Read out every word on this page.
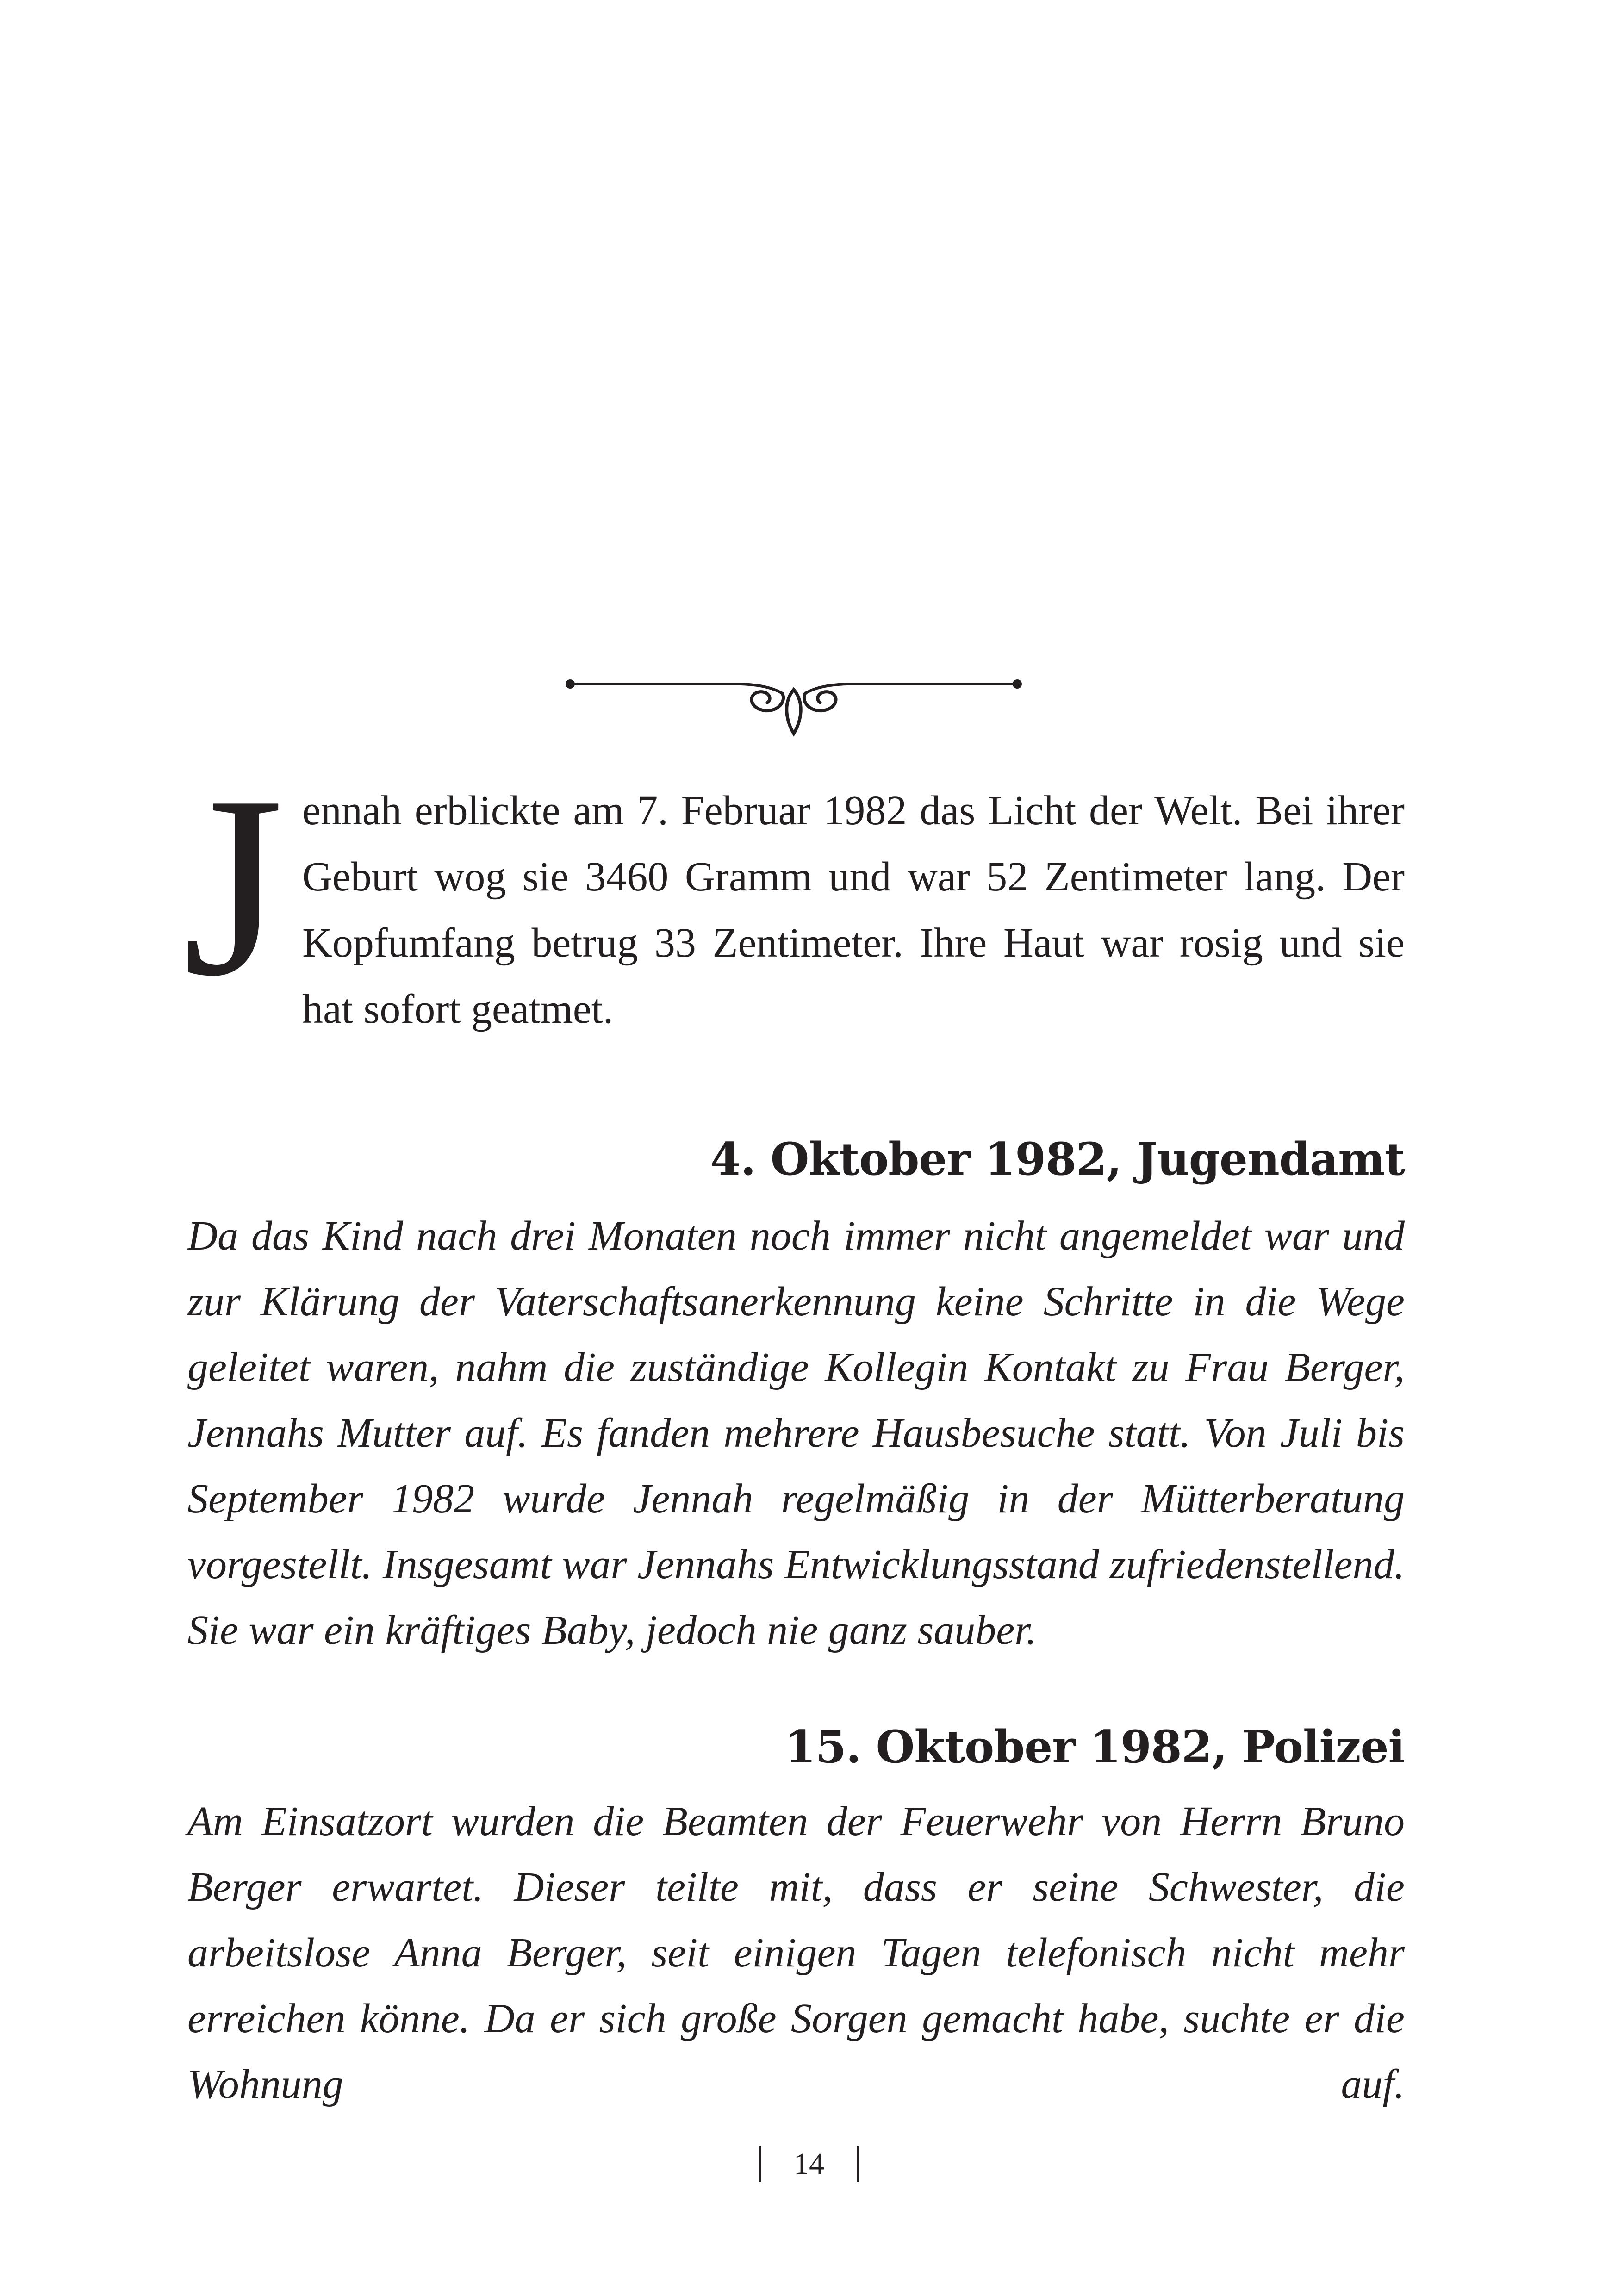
Jennah erblickte am 7. Februar 1982 das Licht der Welt. Bei ihrer Geburt wog sie 3460 Gramm und war 52 Zentimeter lang. Der Kopfumfang betrug 33 Zentimeter. Ihre Haut war rosig und sie hat sofort geatmet.
4. Oktober 1982, Jugendamt
Da das Kind nach drei Monaten noch immer nicht angemeldet war und zur Klärung der Vaterschaftsanerkennung keine Schritte in die Wege geleitet waren, nahm die zuständige Kollegin Kontakt zu Frau Berger, Jennahs Mutter auf. Es fanden mehrere Hausbesuche statt. Von Juli bis September 1982 wurde Jennah regelmäßig in der Mütterberatung vorgestellt. Insgesamt war Jennahs Entwicklungsstand zufriedenstellend. Sie war ein kräftiges Baby, jedoch nie ganz sauber.
15. Oktober 1982, Polizei
Am Einsatzort wurden die Beamten der Feuerwehr von Herrn Bruno Berger erwartet. Dieser teilte mit, dass er seine Schwester, die arbeitslose Anna Berger, seit einigen Tagen telefonisch nicht mehr erreichen könne. Da er sich große Sorgen gemacht habe, suchte er die Wohnung auf.
14
